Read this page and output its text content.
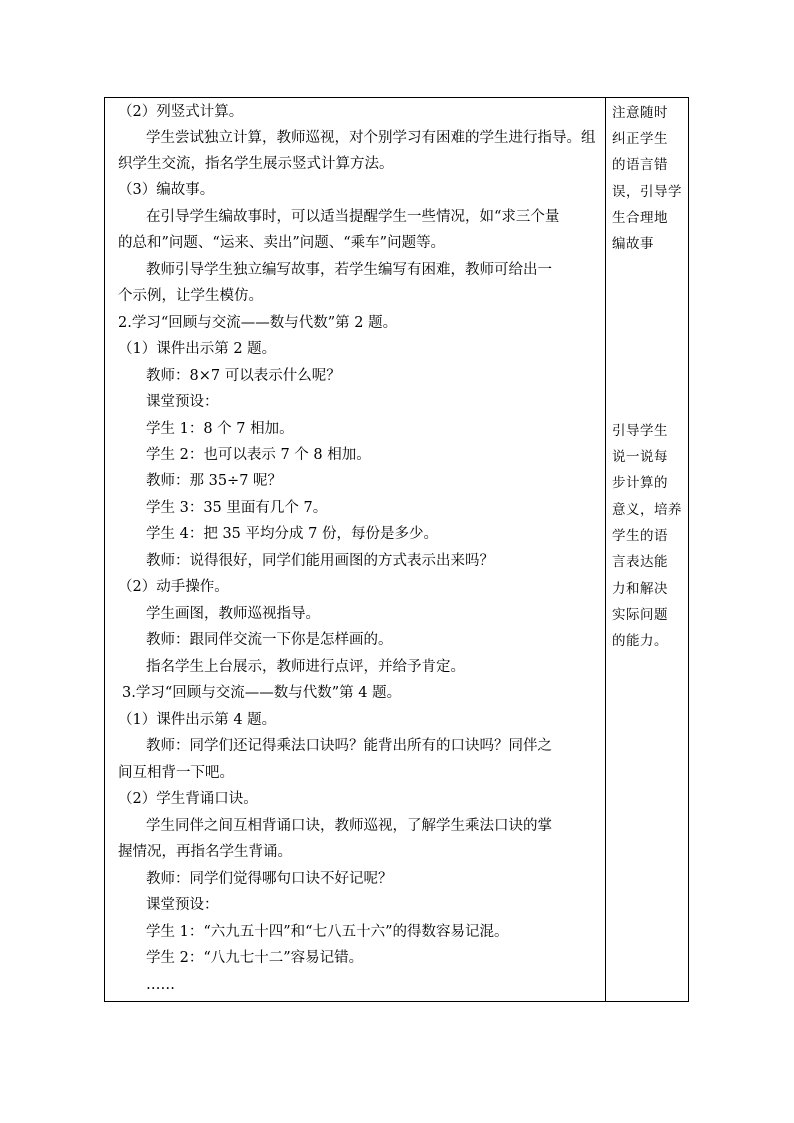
（2）列竖式计算。
学生尝试独立计算，教师巡视，对个别学习有困难的学生进行指导。组
织学生交流，指名学生展示竖式计算方法。
（3）编故事。
在引导学生编故事时，可以适当提醒学生一些情况，如“求三个量
的总和”问题、“运来、卖出”问题、“乘车”问题等。
教师引导学生独立编写故事，若学生编写有困难，教师可给出一
个示例，让学生模仿。
2.学习“回顾与交流——数与代数”第 2 题。
（1）课件出示第 2 题。
教师：8×7 可以表示什么呢？
课堂预设：
学生 1：8 个 7 相加。
学生 2：也可以表示 7 个 8 相加。
教师：那 35÷7 呢？
学生 3：35 里面有几个 7。
学生 4：把 35 平均分成 7 份，每份是多少。
教师：说得很好，同学们能用画图的方式表示出来吗？
（2）动手操作。
学生画图，教师巡视指导。
教师：跟同伴交流一下你是怎样画的。
指名学生上台展示，教师进行点评，并给予肯定。
3.学习“回顾与交流——数与代数”第 4 题。
（1）课件出示第 4 题。
教师：同学们还记得乘法口诀吗？能背出所有的口诀吗？同伴之
间互相背一下吧。
（2）学生背诵口诀。
学生同伴之间互相背诵口诀，教师巡视，了解学生乘法口诀的掌
握情况，再指名学生背诵。
教师：同学们觉得哪句口诀不好记呢？
课堂预设：
学生 1：“六九五十四”和“七八五十六”的得数容易记混。
学生 2：“八九七十二”容易记错。
……
注意随时
纠正学生
的语言错
误，引导学
生合理地
编故事
引导学生
说一说每
步计算的
意义，培养
学生的语
言表达能
力和解决
实际问题
的能力。
